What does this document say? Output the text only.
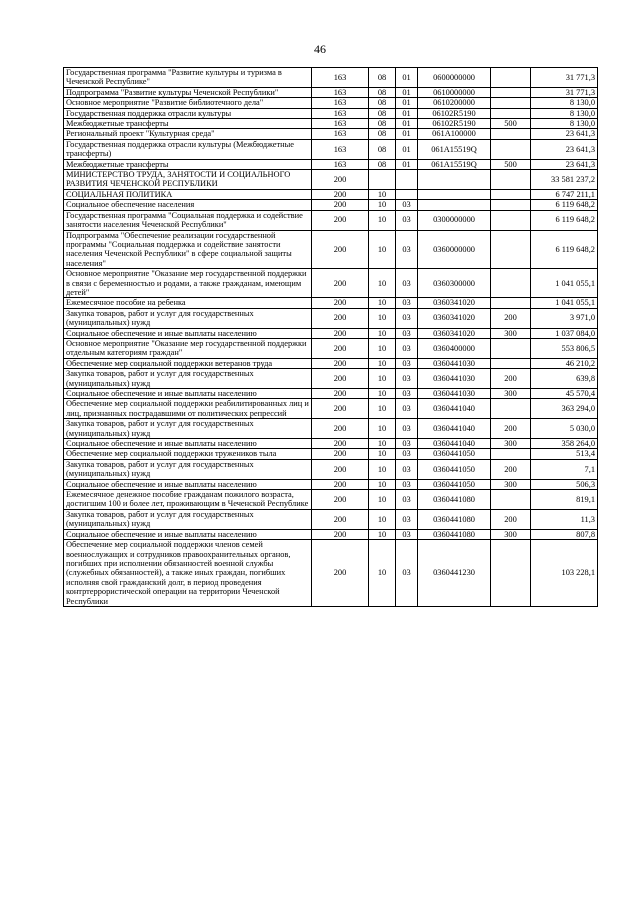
46
Государственная программа "Развитие культуры и туризма в Чеченской Республике"	163	08	01	0600000000		31 771,3
Подпрограмма "Развитие культуры Чеченской Республики"	163	08	01	0610000000		31 771,3
Основное мероприятие "Развитие библиотечного дела"	163	08	01	0610200000		8 130,0
Государственная поддержка отрасли культуры	163	08	01	06102R5190		8 130,0
Межбюджетные трансферты	163	08	01	06102R5190	500	8 130,0
Региональный проект "Культурная среда"	163	08	01	061A100000		23 641,3
Государственная поддержка отрасли культуры (Межбюджетные трансферты)	163	08	01	061A15519Q		23 641,3
Межбюджетные трансферты	163	08	01	061A15519Q	500	23 641,3
МИНИСТЕРСТВО ТРУДА, ЗАНЯТОСТИ И СОЦИАЛЬНОГО РАЗВИТИЯ ЧЕЧЕНСКОЙ РЕСПУБЛИКИ	200					33 581 237,2
СОЦИАЛЬНАЯ ПОЛИТИКА	200	10				6 747 211,1
Социальное обеспечение населения	200	10	03			6 119 648,2
Государственная программа "Социальная поддержка и содействие занятости населения Чеченской Республики"	200	10	03	0300000000		6 119 648,2
Подпрограмма "Обеспечение реализации государственной программы "Социальная поддержка и содействие занятости населения Чеченской Республики" в сфере социальной защиты населения"	200	10	03	0360000000		6 119 648,2
Основное мероприятие "Оказание мер государственной поддержки в связи с беременностью и родами, а также гражданам, имеющим детей"	200	10	03	0360300000		1 041 055,1
Ежемесячное пособие на ребенка	200	10	03	0360341020		1 041 055,1
Закупка товаров, работ и услуг для государственных (муниципальных) нужд	200	10	03	0360341020	200	3 971,0
Социальное обеспечение и иные выплаты населению	200	10	03	0360341020	300	1 037 084,0
Основное мероприятие "Оказание мер государственной поддержки отдельным категориям граждан"	200	10	03	0360400000		553 806,5
Обеспечение мер социальной поддержки ветеранов труда	200	10	03	0360441030		46 210,2
Закупка товаров, работ и услуг для государственных (муниципальных) нужд	200	10	03	0360441030	200	639,8
Социальное обеспечение и иные выплаты населению	200	10	03	0360441030	300	45 570,4
Обеспечение мер социальной поддержки реабилитированных лиц и лиц, признанных пострадавшими от политических репрессий	200	10	03	0360441040		363 294,0
Закупка товаров, работ и услуг для государственных (муниципальных) нужд	200	10	03	0360441040	200	5 030,0
Социальное обеспечение и иные выплаты населению	200	10	03	0360441040	300	358 264,0
Обеспечение мер социальной поддержки тружеников тыла	200	10	03	0360441050		513,4
Закупка товаров, работ и услуг для государственных (муниципальных) нужд	200	10	03	0360441050	200	7,1
Социальное обеспечение и иные выплаты населению	200	10	03	0360441050	300	506,3
Ежемесячное денежное пособие гражданам пожилого возраста, достигшим 100 и более лет, проживающим в Чеченской Республике	200	10	03	0360441080		819,1
Закупка товаров, работ и услуг для государственных (муниципальных) нужд	200	10	03	0360441080	200	11,3
Социальное обеспечение и иные выплаты населению	200	10	03	0360441080	300	807,8
Обеспечение мер социальной поддержки членов семей военнослужащих и сотрудников правоохранительных органов, погибших при исполнении обязанностей военной службы (служебных обязанностей), а также иных граждан, погибших исполняя свой гражданский долг, в период проведения контртеррористической операции на территории Чеченской Республики	200	10	03	0360441230		103 228,1
